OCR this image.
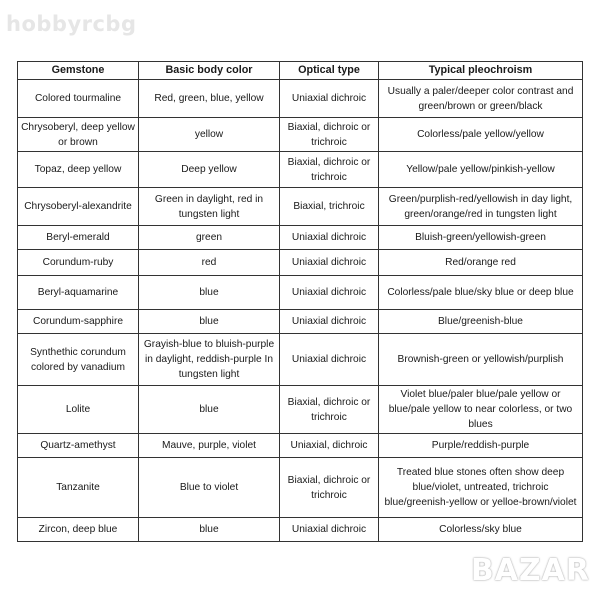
hobbyrcbg
Gemstone	Basic body color	Optical type	Typical pleochroism
Colored tourmaline	Red, green, blue, yellow	Uniaxial dichroic	Usually a paler/deeper color contrast and green/brown or green/black
Chrysoberyl, deep yellow or brown	yellow	Biaxial, dichroic or trichroic	Colorless/pale yellow/yellow
Topaz, deep yellow	Deep yellow	Biaxial, dichroic or trichroic	Yellow/pale yellow/pinkish-yellow
Chrysoberyl-alexandrite	Green in daylight, red in tungsten light	Biaxial, trichroic	Green/purplish-red/yellowish in day light, green/orange/red in tungsten light
Beryl-emerald	green	Uniaxial dichroic	Bluish-green/yellowish-green
Corundum-ruby	red	Uniaxial dichroic	Red/orange red
Beryl-aquamarine	blue	Uniaxial dichroic	Colorless/pale blue/sky blue or deep blue
Corundum-sapphire	blue	Uniaxial dichroic	Blue/greenish-blue
Synthethic corundum colored by vanadium	Grayish-blue to bluish-purple in daylight, reddish-purple In tungsten light	Uniaxial dichroic	Brownish-green or yellowish/purplish
Lolite	blue	Biaxial, dichroic or trichroic	Violet blue/paler blue/pale yellow or blue/pale yellow to near colorless, or two blues
Quartz-amethyst	Mauve, purple, violet	Uniaxial, dichroic	Purple/reddish-purple
Tanzanite	Blue to violet	Biaxial, dichroic or trichroic	Treated blue stones often show deep blue/violet, untreated, trichroic blue/greenish-yellow or yelloe-brown/violet
Zircon, deep blue	blue	Uniaxial dichroic	Colorless/sky blue
BAZAR
